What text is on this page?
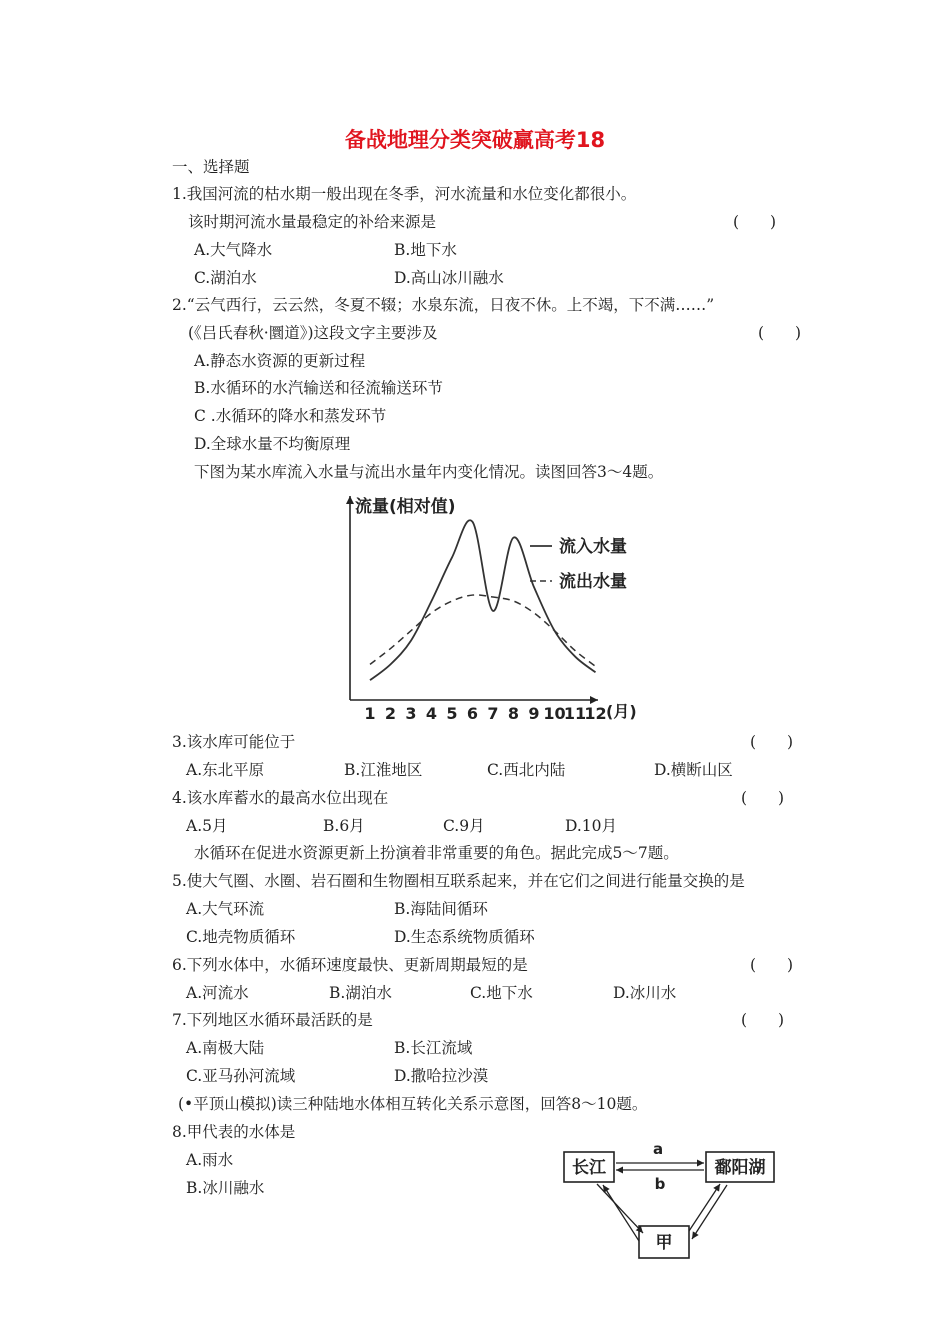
备战地理分类突破赢高考18
一、选择题
1.我国河流的枯水期一般出现在冬季，河水流量和水位变化都很小。
该时期河流水量最稳定的补给来源是	(　　)
A.大气降水	B.地下水
C.湖泊水	D.高山冰川融水
2.“云气西行，云云然，冬夏不辍；水泉东流，日夜不休。上不竭，下不满……”
(《吕氏春秋·圜道》)这段文字主要涉及	(　　)
A.静态水资源的更新过程
B.水循环的水汽输送和径流输送环节
C .水循环的降水和蒸发环节
D.全球水量不均衡原理
下图为某水库流入水量与流出水量年内变化情况。读图回答3～4题。
流量(相对值)
(月)
1 2 3 4 5 6 7 8 9 10
11
12
流入水量
流出水量
3.该水库可能位于	(　　)
A.东北平原	B.江淮地区	C.西北内陆	D.横断山区
4.该水库蓄水的最高水位出现在	(　　)
A.5月	B.6月	C.9月	D.10月
水循环在促进水资源更新上扮演着非常重要的角色。据此完成5～7题。
5.使大气圈、水圈、岩石圈和生物圈相互联系起来，并在它们之间进行能量交换的是
A.大气环流	B.海陆间循环
C.地壳物质循环	D.生态系统物质循环
6.下列水体中，水循环速度最快、更新周期最短的是	(　　)
A.河流水	B.湖泊水	C.地下水	D.冰川水
7.下列地区水循环最活跃的是	(　　)
A.南极大陆	B.长江流域
C.亚马孙河流域	D.撒哈拉沙漠
(•平顶山模拟)读三种陆地水体相互转化关系示意图，回答8～10题。
8.甲代表的水体是
A.雨水
B.冰川融水
长江	鄱阳湖
甲
a
b
